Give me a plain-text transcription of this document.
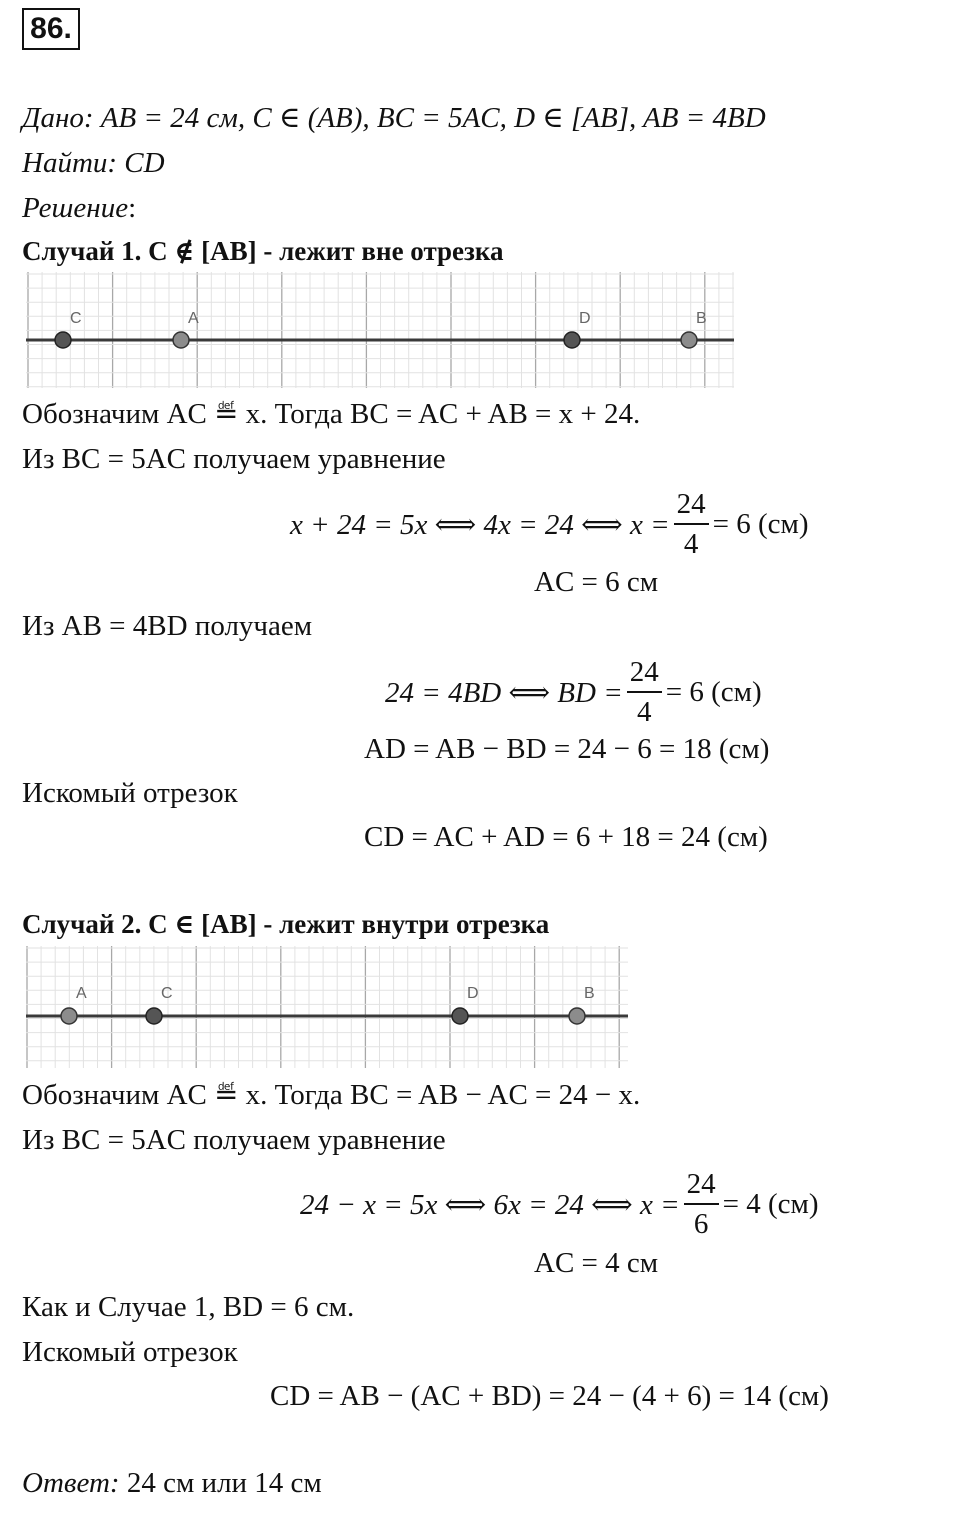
86.
Дано: AB = 24 см, C ∈ (AB), BC = 5AC, D ∈ [AB], AB = 4BD
Найти: CD
Решение:
Случай 1. C ∉ [AB] - лежит вне отрезка
C	A	D	B
Обозначим AC ≝ x. Тогда BC = AC + AB = x + 24.
Из BC = 5AC получаем уравнение
x + 24 = 5x ⟺ 4x = 24 ⟺ $x = \frac{24}{4} = 6$ (см)
AC = 6 см
Из AB = 4BD получаем
24 = 4BD ⟺ BD = $\frac{24}{4} = 6$ (см)
AD = AB − BD = 24 − 6 = 18 (см)
Искомый отрезок
CD = AC + AD = 6 + 18 = 24 (см)
Случай 2. C ∈ [AB] - лежит внутри отрезка
A	C	D	B
Обозначим AC ≝ x. Тогда BC = AB − AC = 24 − x.
Из BC = 5AC получаем уравнение
24 − x = 5x ⟺ 6x = 24 ⟺ $x = \frac{24}{6} = 4$ (см)
AC = 4 см
Как и Случае 1, BD = 6 см.
Искомый отрезок
CD = AB − (AC + BD) = 24 − (4 + 6) = 14 (см)
Ответ: 24 см или 14 см
